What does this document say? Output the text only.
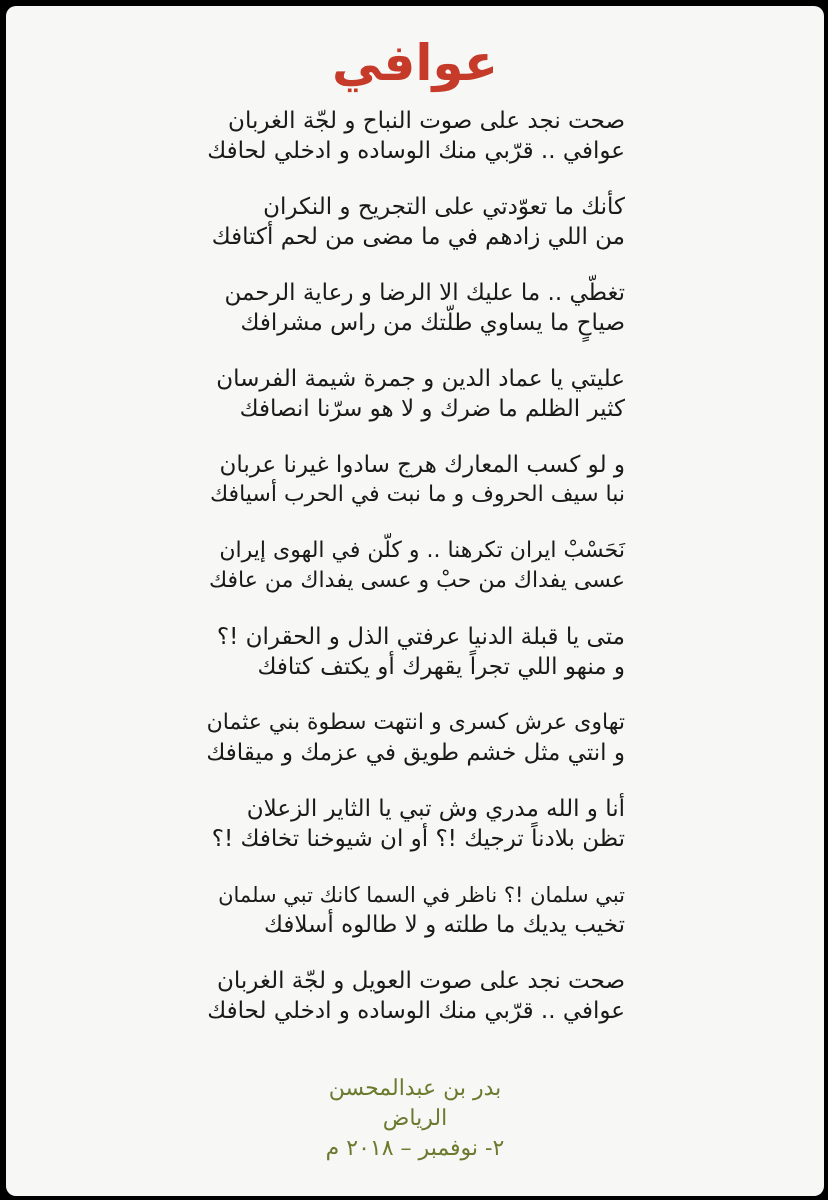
عوافي
صحت نجد على صوت النباح و لجّة الغربان
عوافي .. قرّبي منك الوساده و ادخلي لحافك
كأنك ما تعوّدتي على التجريح و النكران
من اللي زادهم في ما مضى من لحم أكتافك
تغطّي .. ما عليك الا الرضا و رعاية الرحمن
صياحٍ ما يساوي طلّتك من راس مشرافك
عليتي يا عماد الدين و جمرة شيمة الفرسان
كثير الظلم ما ضرك و لا هو سرّنا انصافك
و لو كسب المعارك هرج سادوا غيرنا عربان
نبا سيف الحروف و ما نبت في الحرب أسيافك
نَحَسْبْ ايران تكرهنا .. و كلّن في الهوى إيران
عسى يفداك من حبْ و عسى يفداك من عافك
متى يا قبلة الدنيا عرفتي الذل و الحقران !؟
و منهو اللي تجراً يقهرك أو يكتف كتافك
تهاوى عرش كسرى و انتهت سطوة بني عثمان
و انتي مثل خشم طويق في عزمك و ميقافك
أنا و الله مدري وش تبي يا الثاير الزعلان
تظن بلادناً ترجيك !؟ أو ان شيوخنا تخافك !؟
تبي سلمان !؟ ناظر في السما كانك تبي سلمان
تخيب يديك ما طلته و لا طالوه أسلافك
صحت نجد على صوت العويل و لجّة الغربان
عوافي .. قرّبي منك الوساده و ادخلي لحافك
بدر بن عبدالمحسن
الرياض
٢- نوفمبر – ٢٠١٨ م
